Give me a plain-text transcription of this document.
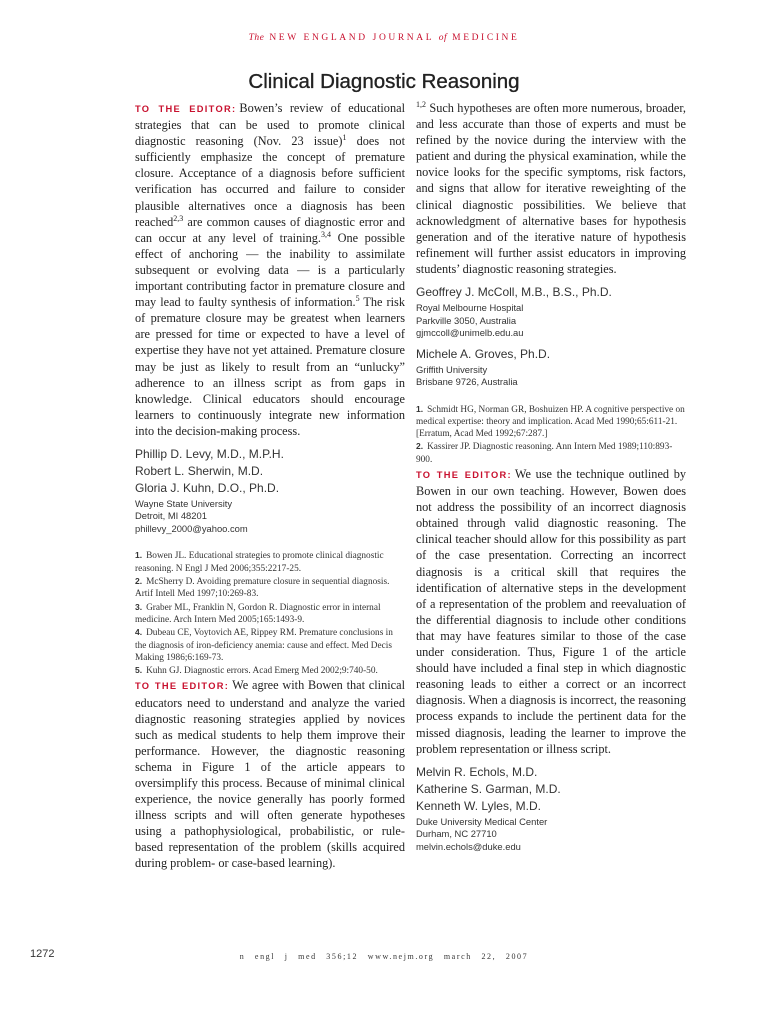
The NEW ENGLAND JOURNAL of MEDICINE
Clinical Diagnostic Reasoning

TO THE EDITOR: Bowen’s review of educational strategies that can be used to promote clinical diagnostic reasoning (Nov. 23 issue)$^1$ does not sufficiently emphasize the concept of premature closure. Acceptance of a diagnosis before sufficient verification has occurred and failure to consider plausible alternatives once a diagnosis has been reached$^{2,3}$ are common causes of diagnostic error and can occur at any level of training.$^{3,4}$ One possible effect of anchoring — the inability to assimilate subsequent or evolving data — is a particularly important contributing factor in premature closure and may lead to faulty synthesis of information.$^5$ The risk of premature closure may be greatest when learners are pressed for time or expected to have a level of expertise they have not yet attained. Premature closure may be just as likely to result from an “unlucky” adherence to an illness script as from gaps in knowledge. Clinical educators should encourage learners to continuously integrate new information into the decision-making process.

Phillip D. Levy, M.D., M.P.H.
Robert L. Sherwin, M.D.
Gloria J. Kuhn, D.O., Ph.D.
Wayne State University
Detroit, MI 48201
phillevy_2000@yahoo.com
1. Bowen JL. Educational strategies to promote clinical diagnostic reasoning. N Engl J Med 2006;355:2217-25.
2. McSherry D. Avoiding premature closure in sequential diagnosis. Artif Intell Med 1997;10:269-83.
3. Graber ML, Franklin N, Gordon R. Diagnostic error in internal medicine. Arch Intern Med 2005;165:1493-9.
4. Dubeau CE, Voytovich AE, Rippey RM. Premature conclusions in the diagnosis of iron-deficiency anemia: cause and effect. Med Decis Making 1986;6:169-73.
5. Kuhn GJ. Diagnostic errors. Acad Emerg Med 2002;9:740-50.

TO THE EDITOR: We agree with Bowen that clinical educators need to understand and analyze the varied diagnostic reasoning strategies applied by novices such as medical students to help them improve their performance. However, the diagnostic reasoning schema in Figure 1 of the article appears to oversimplify this process. Because of minimal clinical experience, the novice generally has poorly formed illness scripts and will often generate hypotheses using a pathophysiological, probabilistic, or rule-based representation of the problem (skills acquired during problem- or case-based learning).

$^{1,2}$ Such hypotheses are often more numerous, broader, and less accurate than those of experts and must be refined by the novice during the interview with the patient and during the physical examination, while the novice looks for the specific symptoms, risk factors, and signs that allow for iterative reweighting of the clinical diagnostic possibilities. We believe that acknowledgment of alternative bases for hypothesis generation and of the iterative nature of hypothesis refinement will further assist educators in improving students’ diagnostic reasoning strategies.

Geoffrey J. McColl, M.B., B.S., Ph.D.
Royal Melbourne Hospital
Parkville 3050, Australia
gjmccoll@unimelb.edu.au
Michele A. Groves, Ph.D.
Griffith University
Brisbane 9726, Australia
1. Schmidt HG, Norman GR, Boshuizen HP. A cognitive perspective on medical expertise: theory and implication. Acad Med 1990;65:611-21. [Erratum, Acad Med 1992;67:287.]
2. Kassirer JP. Diagnostic reasoning. Ann Intern Med 1989;110:893-900.

TO THE EDITOR: We use the technique outlined by Bowen in our own teaching. However, Bowen does not address the possibility of an incorrect diagnosis obtained through valid diagnostic reasoning. The clinical teacher should allow for this possibility as part of the case presentation. Correcting an incorrect diagnosis is a critical skill that requires the identification of alternative steps in the development of a representation of the problem and reevaluation of the differential diagnosis to include other conditions that may have features similar to those of the case under consideration. Thus, Figure 1 of the article should have included a final step in which diagnostic reasoning leads to either a correct or an incorrect diagnosis. When a diagnosis is incorrect, the reasoning process expands to include the pertinent data for the missed diagnosis, leading the learner to improve the problem representation or illness script.

Melvin R. Echols, M.D.
Katherine S. Garman, M.D.
Kenneth W. Lyles, M.D.
Duke University Medical Center
Durham, NC 27710
melvin.echols@duke.edu
1272	n engl j med 356;12 www.nejm.org march 22, 2007
